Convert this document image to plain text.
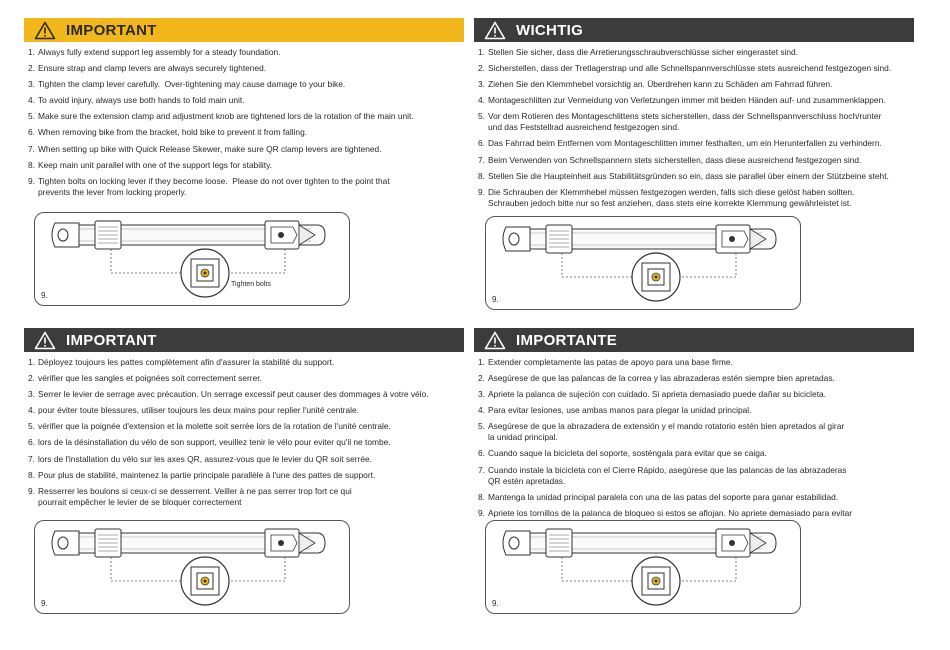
IMPORTANT
1. Always fully extend support leg assembly for a steady foundation.
2. Ensure strap and clamp levers are always securely tightened.
3. Tighten the clamp lever carefully.  Over-tightening may cause damage to your bike.
4. To avoid injury, always use both hands to fold main unit.
5. Make sure the extension clamp and adjustment knob are tightened lors de la rotation of the main unit.
6. When removing bike from the bracket, hold bike to prevent it from falling.
7. When setting up bike with Quick Release Skewer, make sure QR clamp levers are tightened.
8. Keep main unit parallel with one of the support legs for stability.
9. Tighten bolts on locking lever if they become loose.  Please do not over tighten to the point that
prevents the lever from locking properly.
Tighten bolts
9.
WICHTIG
1. Stellen Sie sicher, dass die Arretierungsschraubverschlüsse sicher eingerastet sind.
2. Sicherstellen, dass der Tretlagerstrap und alle Schnellspannverschlüsse stets ausreichend festgezogen sind.
3. Ziehen Sie den Klemmhebel vorsichtig an. Überdrehen kann zu Schäden am Fahrrad führen.
4. Montageschlitten zur Vermeidung von Verletzungen immer mit beiden Händen auf- und zusammenklappen.
5. Vor dem Rotieren des Montageschlittens stets sicherstellen, dass der Schnellspannverschluss hoch/runter
und das Feststellrad ausreichend festgezogen sind.
6. Das Fahrrad beim Entfernen vom Montageschlitten immer festhalten, um ein Herunterfallen zu verhindern.
7. Beim Verwenden von Schnellspannern stets sicherstellen, dass diese ausreichend festgezogen sind.
8. Stellen Sie die Haupteinheit aus Stabilitätsgründen so ein, dass sie parallel über einem der Stützbeine steht.
9. Die Schrauben der Klemmhebel müssen festgezogen werden, falls sich diese gelöst haben sollten.
Schrauben jedoch bitte nur so fest anziehen, dass stets eine korrekte Klemmung gewährleistet ist.
9.
IMPORTANT
1. Déployez toujours les pattes complètement afin d'assurer la stabilité du support.
2. vérifier que les sangles et poignées soit correctement serrer.
3. Serrer le levier de serrage avec précaution. Un serrage excessif peut causer des dommages à votre vélo.
4. pour éviter toute blessures, utiliser toujours les deux mains pour replier l'unité centrale.
5. vérifier que la poignée d'extension et la molette soit serrée lors de la rotation de l'unité centrale.
6. lors de la désinstallation du vélo de son support, veuillez tenir le vélo pour eviter qu'il ne tombe.
7. lors de l'installation du vélo sur les axes QR, assurez-vous que le levier du QR soit serrée.
8. Pour plus de stabilité, maintenez la partie principale parallèle à l'une des pattes de support.
9. Resserrer les boulons si ceux-ci se desserrent. Veiller à ne pas serrer trop fort ce qui
pourrait empêcher le levier de se bloquer correctement
9.
IMPORTANTE
1. Extender completamente las patas de apoyo para una base firme.
2. Asegúrese de que las palancas de la correa y las abrazaderas estén siempre bien apretadas.
3. Apriete la palanca de sujeción con cuidado. Si aprieta demasiado puede dañar su bicicleta.
4. Para evitar lesiones, use ambas manos para plegar la unidad principal.
5. Asegúrese de que la abrazadera de extensión y el mando rotatorio estén bien apretados al girar
la unidad principal.
6. Cuando saque la bicicleta del soporte, sosténgala para evitar que se caiga.
7. Cuando instale la bicicleta con el Cierre Rápido, asegúrese que las palancas de las abrazaderas
QR estén apretadas.
8. Mantenga la unidad principal paralela con una de las patas del soporte para ganar estabilidad.
9. Apriete los tornillos de la palanca de bloqueo si estos se aflojan. No apriete demasiado para evitar

9.
